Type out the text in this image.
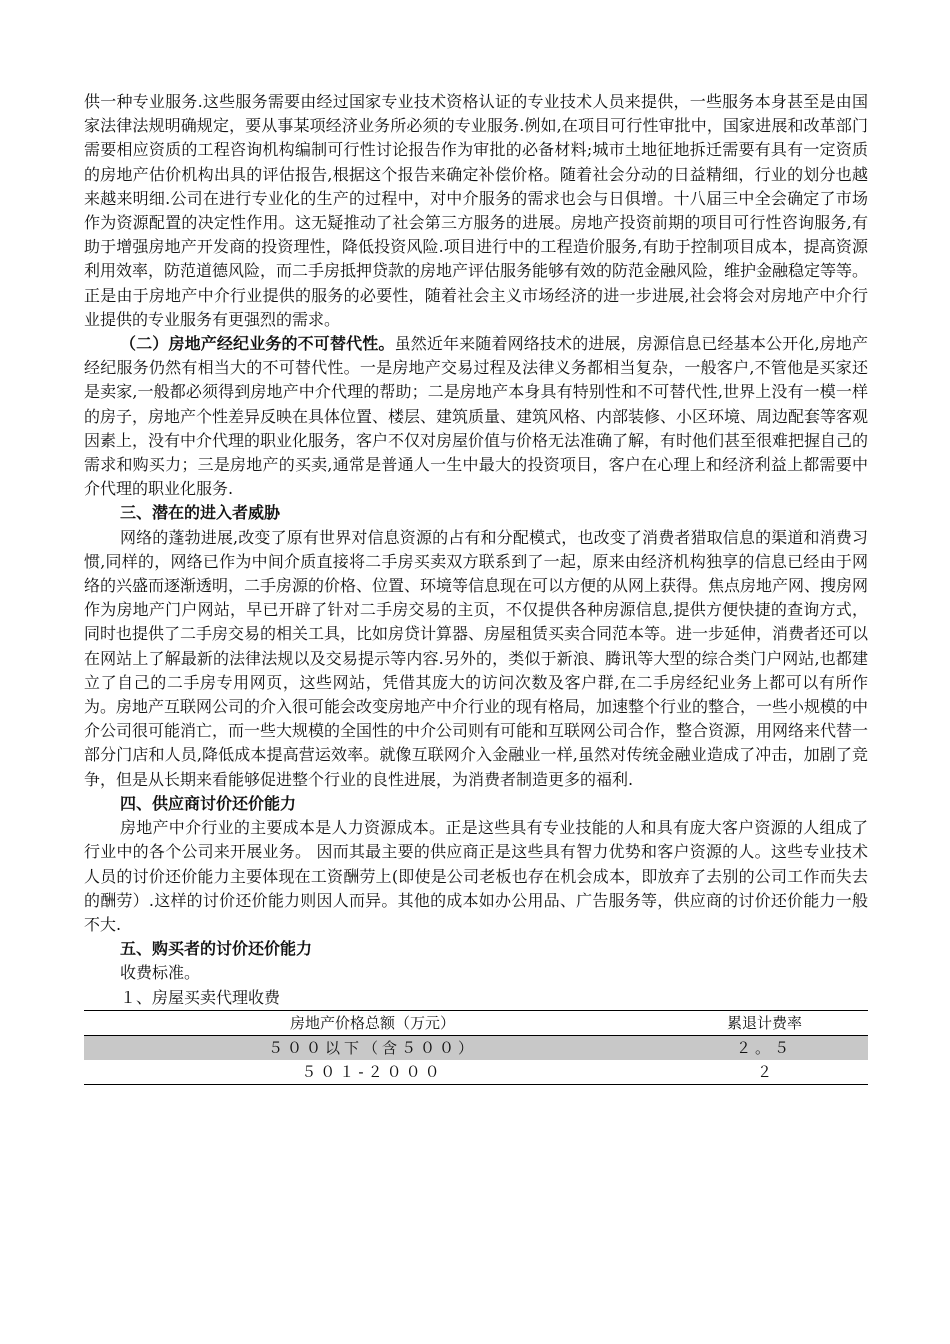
供一种专业服务.这些服务需要由经过国家专业技术资格认证的专业技术人员来提供，一些服务本身甚至是由国家法律法规明确规定，要从事某项经济业务所必须的专业服务.例如,在项目可行性审批中，国家进展和改革部门需要相应资质的工程咨询机构编制可行性讨论报告作为审批的必备材料;城市土地征地拆迁需要有具有一定资质的房地产估价机构出具的评估报告,根据这个报告来确定补偿价格。随着社会分动的日益精细，行业的划分也越来越来明细.公司在进行专业化的生产的过程中，对中介服务的需求也会与日俱增。十八届三中全会确定了市场作为资源配置的决定性作用。这无疑推动了社会第三方服务的进展。房地产投资前期的项目可行性咨询服务,有助于增强房地产开发商的投资理性，降低投资风险.项目进行中的工程造价服务,有助于控制项目成本，提高资源利用效率，防范道德风险，而二手房抵押贷款的房地产评估服务能够有效的防范金融风险，维护金融稳定等等。正是由于房地产中介行业提供的服务的必要性，随着社会主义市场经济的进一步进展,社会将会对房地产中介行业提供的专业服务有更强烈的需求。

（二）房地产经纪业务的不可替代性。虽然近年来随着网络技术的进展，房源信息已经基本公开化,房地产经纪服务仍然有相当大的不可替代性。一是房地产交易过程及法律义务都相当复杂，一般客户,不管他是买家还是卖家,一般都必须得到房地产中介代理的帮助；二是房地产本身具有特别性和不可替代性,世界上没有一模一样的房子，房地产个性差异反映在具体位置、楼层、建筑质量、建筑风格、内部装修、小区环境、周边配套等客观因素上，没有中介代理的职业化服务，客户不仅对房屋价值与价格无法准确了解，有时他们甚至很难把握自己的需求和购买力；三是房地产的买卖,通常是普通人一生中最大的投资项目，客户在心理上和经济利益上都需要中介代理的职业化服务.

三、潜在的进入者威胁

网络的蓬勃进展,改变了原有世界对信息资源的占有和分配模式，也改变了消费者猎取信息的渠道和消费习惯,同样的，网络已作为中间介质直接将二手房买卖双方联系到了一起，原来由经济机构独享的信息已经由于网络的兴盛而逐渐透明，二手房源的价格、位置、环境等信息现在可以方便的从网上获得。焦点房地产网、搜房网作为房地产门户网站，早已开辟了针对二手房交易的主页，不仅提供各种房源信息,提供方便快捷的查询方式，同时也提供了二手房交易的相关工具，比如房贷计算器、房屋租赁买卖合同范本等。进一步延伸，消费者还可以在网站上了解最新的法律法规以及交易提示等内容.另外的，类似于新浪、腾讯等大型的综合类门户网站,也都建立了自己的二手房专用网页，这些网站，凭借其庞大的访问次数及客户群,在二手房经纪业务上都可以有所作为。房地产互联网公司的介入很可能会改变房地产中介行业的现有格局，加速整个行业的整合，一些小规模的中介公司很可能消亡，而一些大规模的全国性的中介公司则有可能和互联网公司合作，整合资源，用网络来代替一部分门店和人员,降低成本提高营运效率。就像互联网介入金融业一样,虽然对传统金融业造成了冲击，加剧了竞争，但是从长期来看能够促进整个行业的良性进展，为消费者制造更多的福利.

四、供应商讨价还价能力

房地产中介行业的主要成本是人力资源成本。正是这些具有专业技能的人和具有庞大客户资源的人组成了行业中的各个公司来开展业务。 因而其最主要的供应商正是这些具有智力优势和客户资源的人。这些专业技术人员的讨价还价能力主要体现在工资酬劳上(即使是公司老板也存在机会成本，即放弃了去别的公司工作而失去的酬劳）.这样的讨价还价能力则因人而异。其他的成本如办公用品、广告服务等，供应商的讨价还价能力一般不大.

五、购买者的讨价还价能力

收费标准。

１、房屋买卖代理收费

房地产价格总额（万元）	累退计费率
５００以下（含５００）	２。５
５０１-２０００	２
